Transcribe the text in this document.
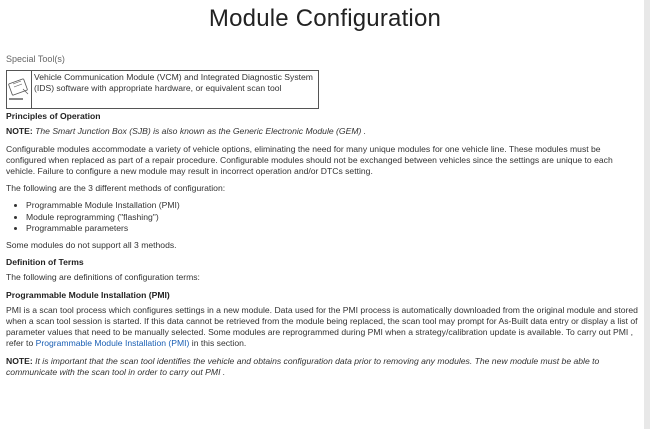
Module Configuration
Special Tool(s)
Vehicle Communication Module (VCM) and Integrated Diagnostic System (IDS) software with appropriate hardware, or equivalent scan tool
Principles of Operation

NOTE: The Smart Junction Box (SJB) is also known as the Generic Electronic Module (GEM) .

Configurable modules accommodate a variety of vehicle options, eliminating the need for many unique modules for one vehicle line. These modules must be configured when replaced as part of a repair procedure. Configurable modules should not be exchanged between vehicles since the settings are unique to each vehicle. Failure to configure a new module may result in incorrect operation and/or DTCs setting.

The following are the 3 different methods of configuration:

• Programmable Module Installation (PMI)
• Module reprogramming ("flashing")
• Programmable parameters

Some modules do not support all 3 methods.

Definition of Terms

The following are definitions of configuration terms:

Programmable Module Installation (PMI)

PMI is a scan tool process which configures settings in a new module. Data used for the PMI process is automatically downloaded from the original module and stored when a scan tool session is started. If this data cannot be retrieved from the module being replaced, the scan tool may prompt for As-Built data entry or display a list of parameter values that need to be manually selected. Some modules are reprogrammed during PMI when a strategy/calibration update is available. To carry out PMI , refer to Programmable Module Installation (PMI) in this section.

NOTE: It is important that the scan tool identifies the vehicle and obtains configuration data prior to removing any modules. The new module must be able to communicate with the scan tool in order to carry out PMI .
